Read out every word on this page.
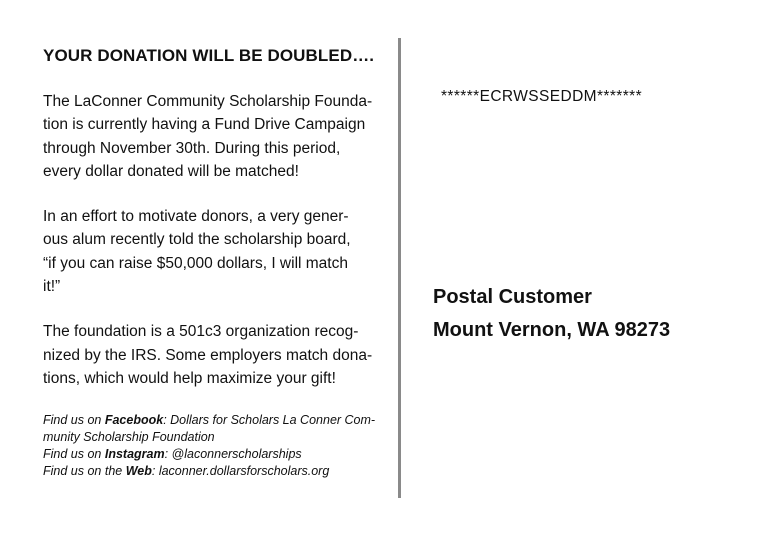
YOUR DONATION WILL BE DOUBLED….
The LaConner Community Scholarship Founda-
tion is currently having a Fund Drive Campaign
through November 30th. During this period,
every dollar donated will be matched!
In an effort to motivate donors, a very gener-
ous alum recently told the scholarship board,
“if you can raise $50,000 dollars, I will match
it!”
The foundation is a 501c3 organization recog-
nized by the IRS. Some employers match dona-
tions, which would help maximize your gift!
Find us on Facebook: Dollars for Scholars La Conner Com-
munity Scholarship Foundation
Find us on Instagram: @laconnerscholarships
Find us on the Web: laconner.dollarsforscholars.org
******ECRWSSEDDM*******
Postal Customer
Mount Vernon, WA 98273
